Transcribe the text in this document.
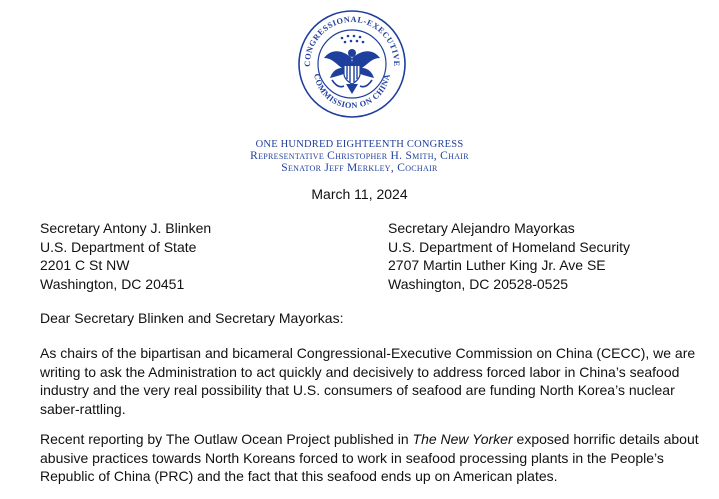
CONGRESSIONAL-EXECUTIVE
COMMISSION ON CHINA
ONE HUNDRED EIGHTEENTH CONGRESS
Representative Christopher H. Smith, Chair
Senator Jeff Merkley, Cochair
March 11, 2024
Secretary Antony J. Blinken
U.S. Department of State
2201 C St NW
Washington, DC 20451
Secretary Alejandro Mayorkas
U.S. Department of Homeland Security
2707 Martin Luther King Jr. Ave SE
Washington, DC 20528-0525
Dear Secretary Blinken and Secretary Mayorkas:
As chairs of the bipartisan and bicameral Congressional-Executive Commission on China (CECC), we are
writing to ask the Administration to act quickly and decisively to address forced labor in China’s seafood
industry and the very real possibility that U.S. consumers of seafood are funding North Korea’s nuclear
saber-rattling.
Recent reporting by The Outlaw Ocean Project published in The New Yorker exposed horrific details about
abusive practices towards North Koreans forced to work in seafood processing plants in the People’s
Republic of China (PRC) and the fact that this seafood ends up on American plates.
